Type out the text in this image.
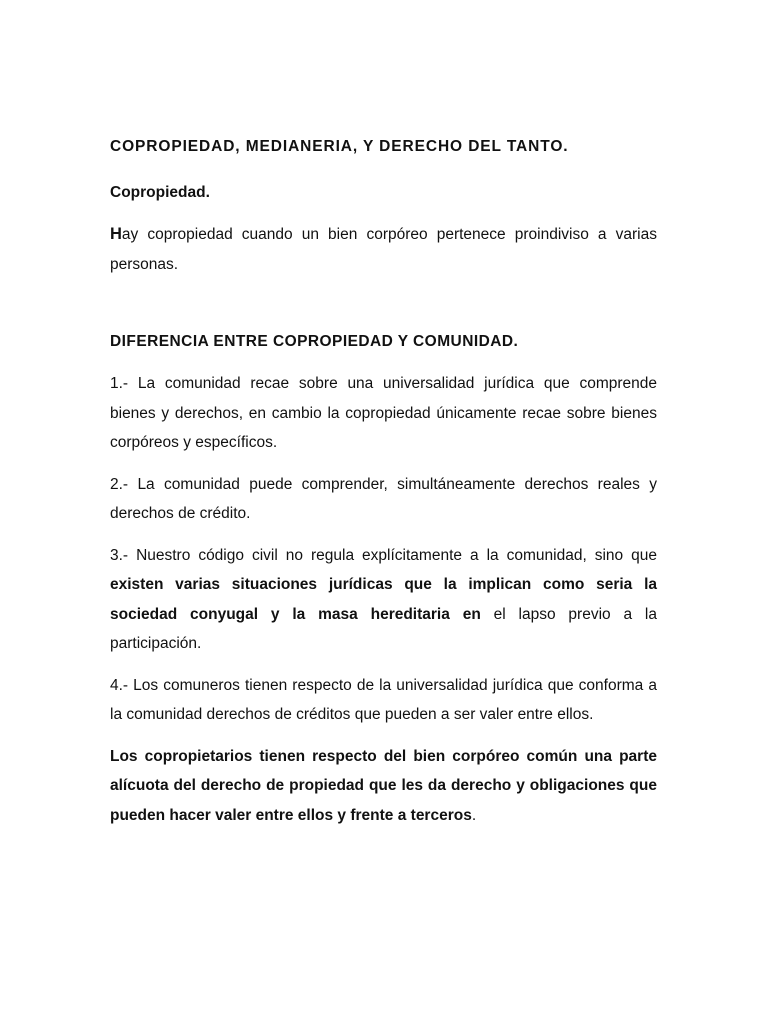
COPROPIEDAD, MEDIANERIA, Y DERECHO DEL TANTO.
Copropiedad.

Hay copropiedad cuando un bien corpóreo pertenece proindiviso a varias personas.

DIFERENCIA ENTRE COPROPIEDAD Y COMUNIDAD.

1.- La comunidad recae sobre una universalidad jurídica que comprende bienes y derechos, en cambio la copropiedad únicamente recae sobre bienes corpóreos y específicos.

2.- La comunidad puede comprender, simultáneamente derechos reales y derechos de crédito.

3.- Nuestro código civil no regula explícitamente a la comunidad, sino que existen varias situaciones jurídicas que la implican como seria la sociedad conyugal y la masa hereditaria en el lapso previo a la participación.

4.- Los comuneros tienen respecto de la universalidad jurídica que conforma a la comunidad derechos de créditos que pueden a ser valer entre ellos.

Los copropietarios tienen respecto del bien corpóreo común una parte alícuota del derecho de propiedad que les da derecho y obligaciones que pueden hacer valer entre ellos y frente a terceros.
